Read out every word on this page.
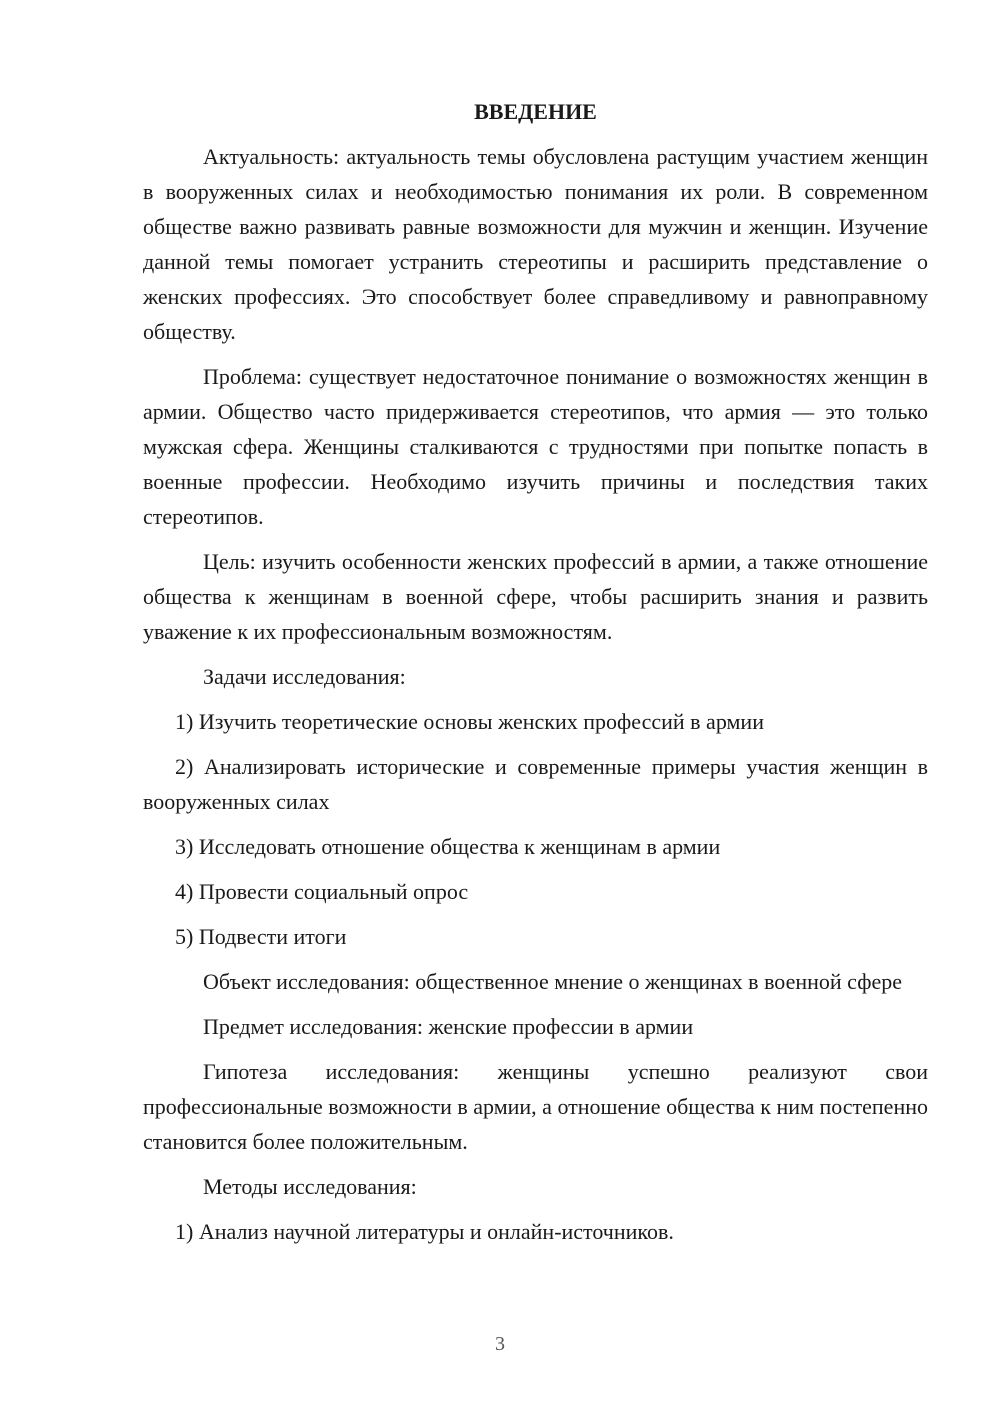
ВВЕДЕНИЕ
Актуальность: актуальность темы обусловлена растущим участием женщин в вооруженных силах и необходимостью понимания их роли. В современном обществе важно развивать равные возможности для мужчин и женщин. Изучение данной темы помогает устранить стереотипы и расширить представление о женских профессиях. Это способствует более справедливому и равноправному обществу.
Проблема: существует недостаточное понимание о возможностях женщин в армии. Общество часто придерживается стереотипов, что армия — это только мужская сфера. Женщины сталкиваются с трудностями при попытке попасть в военные профессии. Необходимо изучить причины и последствия таких стереотипов.
Цель: изучить особенности женских профессий в армии, а также отношение общества к женщинам в военной сфере, чтобы расширить знания и развить уважение к их профессиональным возможностям.
Задачи исследования:
1) Изучить теоретические основы женских профессий в армии
2) Анализировать исторические и современные примеры участия женщин в вооруженных силах
3) Исследовать отношение общества к женщинам в армии
4) Провести социальный опрос
5) Подвести итоги
Объект исследования: общественное мнение о женщинах в военной сфере
Предмет исследования: женские профессии в армии
Гипотеза исследования: женщины успешно реализуют свои профессиональные возможности в армии, а отношение общества к ним постепенно становится более положительным.
Методы исследования:
1) Анализ научной литературы и онлайн-источников.
3
